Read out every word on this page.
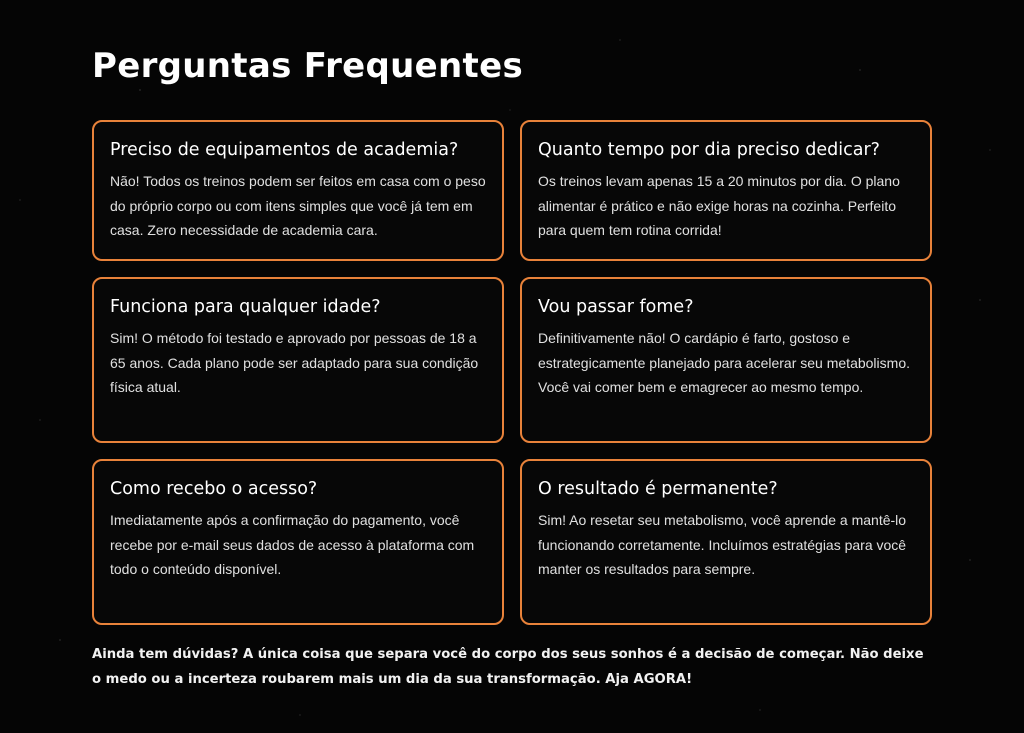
Perguntas Frequentes
Preciso de equipamentos de academia?

Não! Todos os treinos podem ser feitos em casa com o peso do próprio corpo ou com itens simples que você já tem em casa. Zero necessidade de academia cara.

Quanto tempo por dia preciso dedicar?

Os treinos levam apenas 15 a 20 minutos por dia. O plano alimentar é prático e não exige horas na cozinha. Perfeito para quem tem rotina corrida!

Funciona para qualquer idade?

Sim! O método foi testado e aprovado por pessoas de 18 a 65 anos. Cada plano pode ser adaptado para sua condição física atual.

Vou passar fome?

Definitivamente não! O cardápio é farto, gostoso e estrategicamente planejado para acelerar seu metabolismo. Você vai comer bem e emagrecer ao mesmo tempo.

Como recebo o acesso?

Imediatamente após a confirmação do pagamento, você recebe por e-mail seus dados de acesso à plataforma com todo o conteúdo disponível.

O resultado é permanente?

Sim! Ao resetar seu metabolismo, você aprende a mantê-lo funcionando corretamente. Incluímos estratégias para você manter os resultados para sempre.

Ainda tem dúvidas? A única coisa que separa você do corpo dos seus sonhos é a decisão de começar. Não deixe o medo ou a incerteza roubarem mais um dia da sua transformação. Aja AGORA!
